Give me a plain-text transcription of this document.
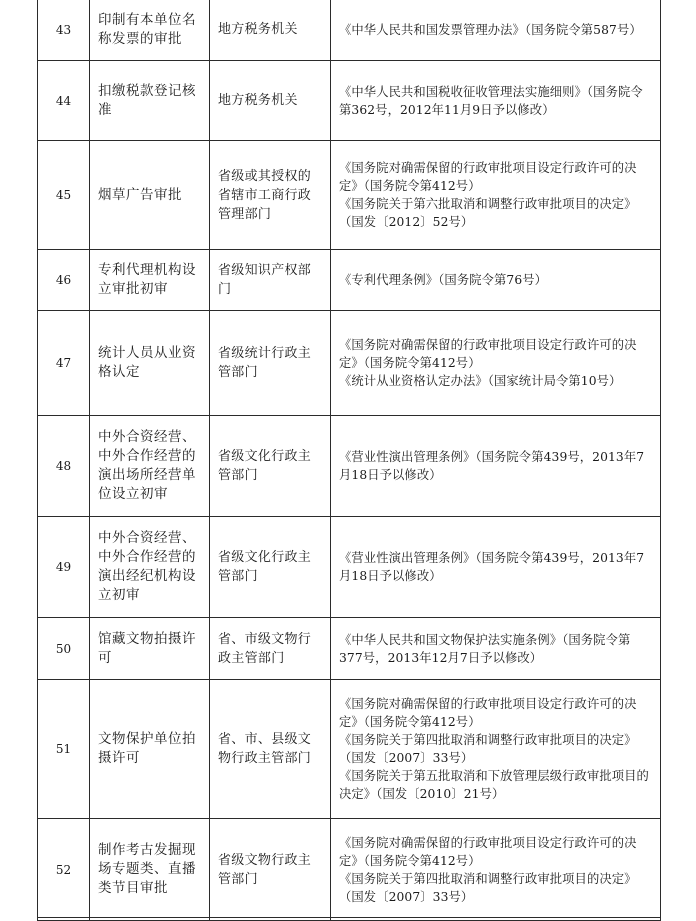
43	印制有本单位名称发票的审批	地方税务机关	《中华人民共和国发票管理办法》（国务院令第587号）

44	扣缴税款登记核准	地方税务机关	《中华人民共和国税收征收管理法实施细则》（国务院令第362号，2012年11月9日予以修改）

45	烟草广告审批	省级或其授权的省辖市工商行政管理部门	《国务院对确需保留的行政审批项目设定行政许可的决定》（国务院令第412号）
《国务院关于第六批取消和调整行政审批项目的决定》（国发〔2012〕52号）

46	专利代理机构设立审批初审	省级知识产权部门	《专利代理条例》（国务院令第76号）

47	统计人员从业资格认定	省级统计行政主管部门	《国务院对确需保留的行政审批项目设定行政许可的决定》（国务院令第412号）
《统计从业资格认定办法》（国家统计局令第10号）

48	中外合资经营、中外合作经营的演出场所经营单位设立初审	省级文化行政主管部门	《营业性演出管理条例》（国务院令第439号，2013年7月18日予以修改）

49	中外合资经营、中外合作经营的演出经纪机构设立初审	省级文化行政主管部门	《营业性演出管理条例》（国务院令第439号，2013年7月18日予以修改）

50	馆藏文物拍摄许可	省、市级文物行政主管部门	《中华人民共和国文物保护法实施条例》（国务院令第377号，2013年12月7日予以修改）

51	文物保护单位拍摄许可	省、市、县级文物行政主管部门	《国务院对确需保留的行政审批项目设定行政许可的决定》（国务院令第412号）
《国务院关于第四批取消和调整行政审批项目的决定》（国发〔2007〕33号）
《国务院关于第五批取消和下放管理层级行政审批项目的决定》（国发〔2010〕21号）

52	制作考古发掘现场专题类、直播类节目审批	省级文物行政主管部门	《国务院对确需保留的行政审批项目设定行政许可的决定》（国务院令第412号）
《国务院关于第四批取消和调整行政审批项目的决定》（国发〔2007〕33号）
